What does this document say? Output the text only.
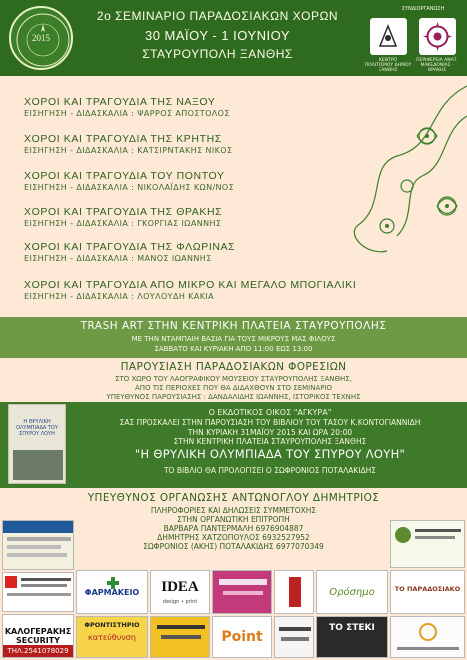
2015
2ο ΣΕΜΙΝΑΡΙΟ ΠΑΡΑΔΟΣΙΑΚΩΝ ΧΟΡΩΝ
30 ΜΑΪΟΥ - 1 ΙΟΥΝΙΟΥ
ΣΤΑΥΡΟΥΠΟΛΗ ΞΑΝΘΗΣ
ΣΥΝΔΙΟΡΓΑΝΩΣΗ
ΚΕΝΤΡΟ ΠΟΛΙΤΙΣΜΟΥ ΔΗΜΟΥ ΞΑΝΘΗΣ
ΠΕΡΙΦΕΡΕΙΑ ΑΝΑΤ. ΜΑΚΕΔΟΝΙΑΣ - ΘΡΑΚΗΣ
ΧΟΡΟΙ ΚΑΙ ΤΡΑΓΟΥΔΙΑ ΤΗΣ ΝΑΞΟΥ
ΕΙΣΗΓΗΣΗ - ΔΙΔΑΣΚΑΛΙΑ : ΨΑΡΡΟΣ ΑΠΟΣΤΟΛΟΣ
ΧΟΡΟΙ ΚΑΙ ΤΡΑΓΟΥΔΙΑ ΤΗΣ ΚΡΗΤΗΣ
ΕΙΣΗΓΗΣΗ - ΔΙΔΑΣΚΑΛΙΑ : ΚΑΤΣΙΡΝΤΑΚΗΣ ΝΙΚΟΣ
ΧΟΡΟΙ ΚΑΙ ΤΡΑΓΟΥΔΙΑ ΤΟΥ ΠΟΝΤΟΥ
ΕΙΣΗΓΗΣΗ - ΔΙΔΑΣΚΑΛΙΑ : ΝΙΚΟΛΑΪΔΗΣ ΚΩΝ/ΝΟΣ
ΧΟΡΟΙ ΚΑΙ ΤΡΑΓΟΥΔΙΑ ΤΗΣ ΘΡΑΚΗΣ
ΕΙΣΗΓΗΣΗ - ΔΙΔΑΣΚΑΛΙΑ : ΓΚΟΡΓΙΑΣ ΙΩΑΝΝΗΣ
ΧΟΡΟΙ ΚΑΙ ΤΡΑΓΟΥΔΙΑ ΤΗΣ ΦΛΩΡΙΝΑΣ
ΕΙΣΗΓΗΣΗ - ΔΙΔΑΣΚΑΛΙΑ : ΜΑΝΟΣ ΙΩΑΝΝΗΣ
ΧΟΡΟΙ ΚΑΙ ΤΡΑΓΟΥΔΙΑ ΑΠΟ ΜΙΚΡΟ ΚΑΙ ΜΕΓΑΛΟ ΜΠΟΓΙΑΛΙΚΙ
ΕΙΣΗΓΗΣΗ - ΔΙΔΑΣΚΑΛΙΑ : ΛΟΥΛΟΥΔΗ ΚΑΚΙΑ
TRASH ART ΣΤΗΝ ΚΕΝΤΡΙΚΗ ΠΛΑΤΕΙΑ ΣΤΑΥΡΟΥΠΟΛΗΣ
ΜΕ ΤΗΝ ΝΤΑΜΠΑΙΗ ΒΑΣΙΑ ΓΙΑ ΤΟΥΣ ΜΙΚΡΟΥΣ ΜΑΣ ΦΙΛΟΥΣ
ΣΑΒΒΑΤΟ ΚΑΙ ΚΥΡΙΑΚΗ ΑΠΟ 11:00 ΕΩΣ 13:00
ΠΑΡΟΥΣΙΑΣΗ ΠΑΡΑΔΟΣΙΑΚΩΝ ΦΟΡΕΣΙΩΝ
ΣΤΟ ΧΩΡΟ ΤΟΥ ΛΑΟΓΡΑΦΙΚΟΥ ΜΟΥΣΕΙΟΥ ΣΤΑΥΡΟΥΠΟΛΗΣ ΞΑΝΘΗΣ,
ΑΠΟ ΤΙΣ ΠΕΡΙΟΧΕΣ ΠΟΥ ΘΑ ΔΙΔΑΧΘΟΥΝ ΣΤΟ ΣΕΜΙΝΑΡΙΟ
ΥΠΕΥΘΥΝΟΣ ΠΑΡΟΥΣΙΑΣΗΣ : ΔΑΝΔΑΛΙΔΗΣ ΙΩΑΝΝΗΣ, ΙΣΤΟΡΙΚΟΣ ΤΕΧΝΗΣ
Η ΘΡΥΛΙΚΗ ΟΛΥΜΠΙΑΔΑ ΤΟΥ ΣΠΥΡΟΥ ΛΟΥΗ
Ο ΕΚΔΟΤΙΚΟΣ ΟΙΚΟΣ "ΑΓΚΥΡΑ"
ΣΑΣ ΠΡΟΣΚΑΛΕΙ ΣΤΗΝ ΠΑΡΟΥΣΙΑΣΗ ΤΟΥ ΒΙΒΛΙΟΥ ΤΟΥ ΤΑΣΟΥ Κ.ΚΟΝΤΟΓΙΑΝΝΙΔΗ
ΤΗΝ ΚΥΡΙΑΚΗ 31ΜΑΪΟΥ 2015 ΚΑΙ ΩΡΑ 20:00
ΣΤΗΝ ΚΕΝΤΡΙΚΗ ΠΛΑΤΕΙΑ ΣΤΑΥΡΟΥΠΟΛΗΣ ΞΑΝΘΗΣ
"Η ΘΡΥΛΙΚΗ ΟΛΥΜΠΙΑΔΑ ΤΟΥ ΣΠΥΡΟΥ ΛΟΥΗ"
ΤΟ ΒΙΒΛΙΟ ΘΑ ΠΡΟΛΟΓΙΣΕΙ Ο ΣΩΦΡΟΝΙΟΣ ΠΟΤΑΛΑΚΙΔΗΣ
ΥΠΕΥΘΥΝΟΣ ΟΡΓΑΝΩΣΗΣ ΑΝΤΩΝΟΓΛΟΥ ΔΗΜΗΤΡΙΟΣ
ΠΛΗΡΟΦΟΡΙΕΣ ΚΑΙ ΔΗΛΩΣΕΙΣ ΣΥΜΜΕΤΟΧΗΣ
ΣΤΗΝ ΟΡΓΑΝΩΤΙΚΗ ΕΠΙΤΡΟΠΗ
ΒΑΡΒΑΡΑ ΠΑΝΤΕΡΜΑΛΗ 6976904887
ΔΗΜΗΤΡΗΣ ΧΑΤΖΟΠΟΥΛΟΣ 6932527952
ΣΩΦΡΟΝΙΟΣ (ΑΚΗΣ) ΠΟΤΑΛΑΚΙΔΗΣ 6977070349
ΚΑΛΟΓΕΡΑΚΗΣ SECURITY
ΤΗΛ.2541078029
ΦΑΡΜΑΚΕΙΟ
ΦΡΟΝΤΙΣΤΗΡΙΟ
κατεύθυνση
IDEA
design • print
Point
Ορόσημο
ΤΟ ΣΤΕΚΙ
ΤΟ ΠΑΡΑΔΟΣΙΑΚΟ
